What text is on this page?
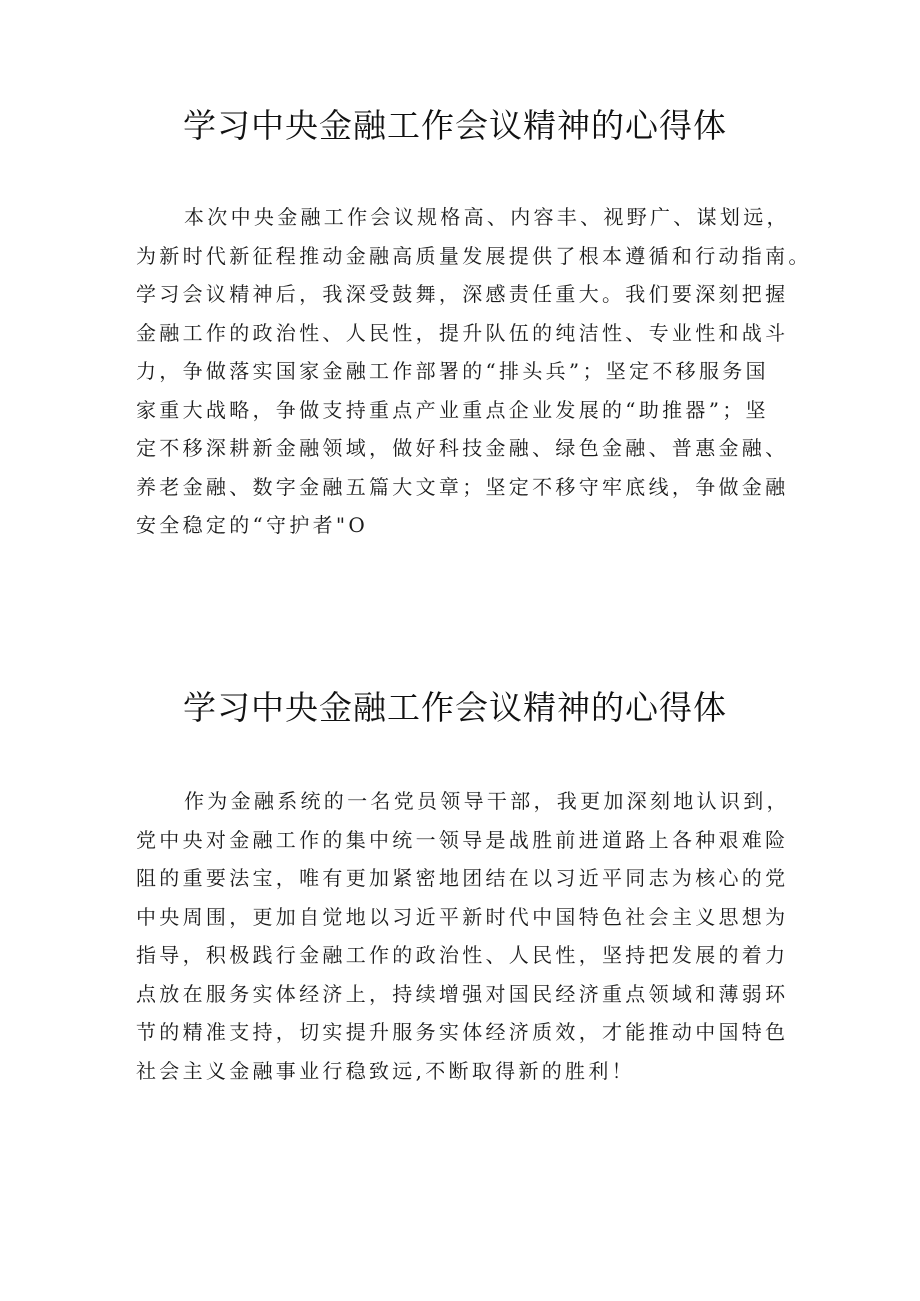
学习中央金融工作会议精神的心得体
本次中央金融工作会议规格高、内容丰、视野广、谋划远，
为新时代新征程推动金融高质量发展提供了根本遵循和行动指南。
学习会议精神后，我深受鼓舞，深感责任重大。我们要深刻把握
金融工作的政治性、人民性，提升队伍的纯洁性、专业性和战斗
力，争做落实国家金融工作部署的“排头兵”；坚定不移服务国
家重大战略，争做支持重点产业重点企业发展的“助推器”；坚
定不移深耕新金融领域，做好科技金融、绿色金融、普惠金融、
养老金融、数字金融五篇大文章；坚定不移守牢底线，争做金融
安全稳定的“守护者"O
学习中央金融工作会议精神的心得体
作为金融系统的一名党员领导干部，我更加深刻地认识到，
党中央对金融工作的集中统一领导是战胜前进道路上各种艰难险
阻的重要法宝，唯有更加紧密地团结在以习近平同志为核心的党
中央周围，更加自觉地以习近平新时代中国特色社会主义思想为
指导，积极践行金融工作的政治性、人民性，坚持把发展的着力
点放在服务实体经济上，持续增强对国民经济重点领域和薄弱环
节的精准支持，切实提升服务实体经济质效，才能推动中国特色
社会主义金融事业行稳致远,不断取得新的胜利！
